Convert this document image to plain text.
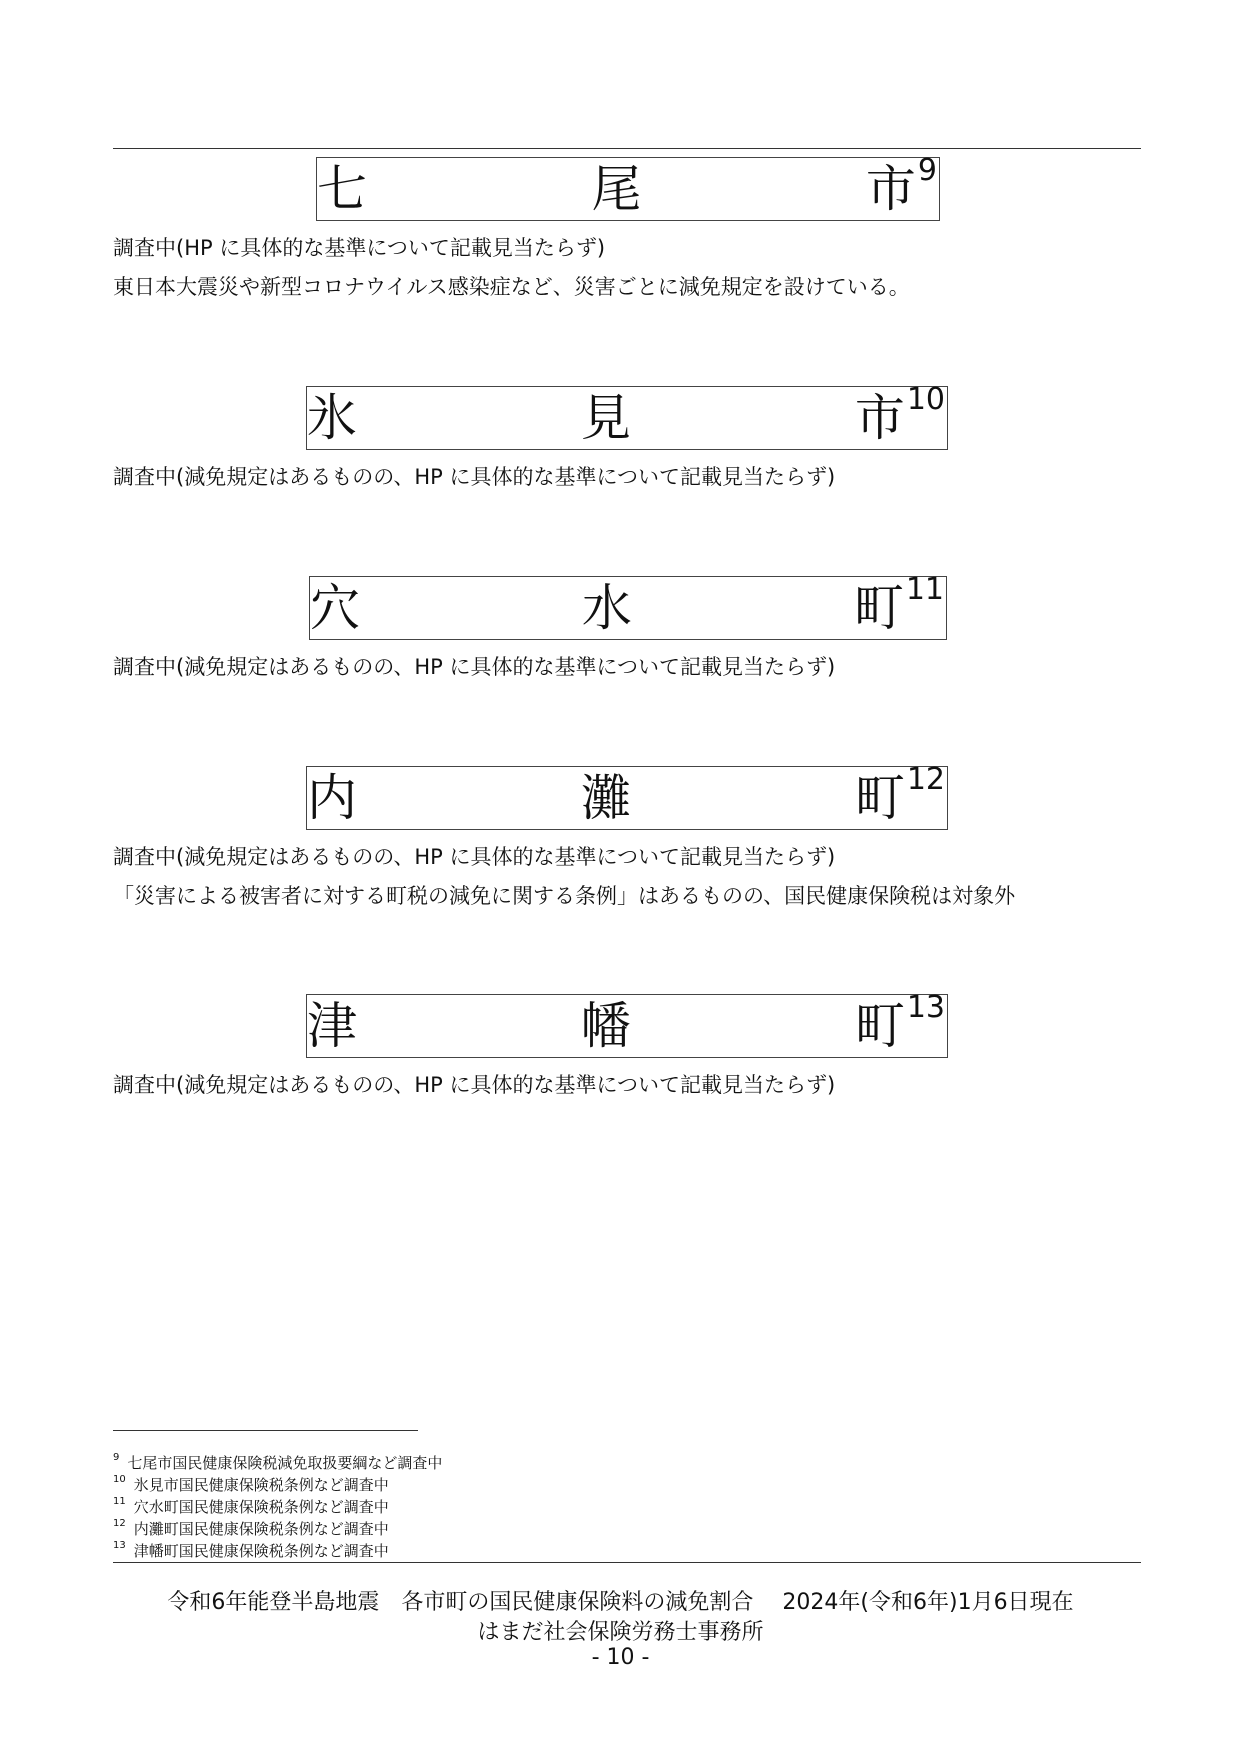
七	尾	市$^9$
調査中(HP に具体的な基準について記載見当たらず)
東日本大震災や新型コロナウイルス感染症など、災害ごとに減免規定を設けている。
氷	見	市$^{10}$
調査中(減免規定はあるものの、HP に具体的な基準について記載見当たらず)
穴	水	町$^{11}$
調査中(減免規定はあるものの、HP に具体的な基準について記載見当たらず)
内	灘	町$^{12}$
調査中(減免規定はあるものの、HP に具体的な基準について記載見当たらず)
「災害による被害者に対する町税の減免に関する条例」はあるものの、国民健康保険税は対象外
津	幡	町$^{13}$
調査中(減免規定はあるものの、HP に具体的な基準について記載見当たらず)
$^9$ 七尾市国民健康保険税減免取扱要綱など調査中
$^{10}$ 氷見市国民健康保険税条例など調査中
$^{11}$ 穴水町国民健康保険税条例など調査中
$^{12}$ 内灘町国民健康保険税条例など調査中
$^{13}$ 津幡町国民健康保険税条例など調査中
令和6年能登半島地震　各市町の国民健康保険料の減免割合　 2024年(令和6年)1月6日現在
はまだ社会保険労務士事務所
- 10 -
